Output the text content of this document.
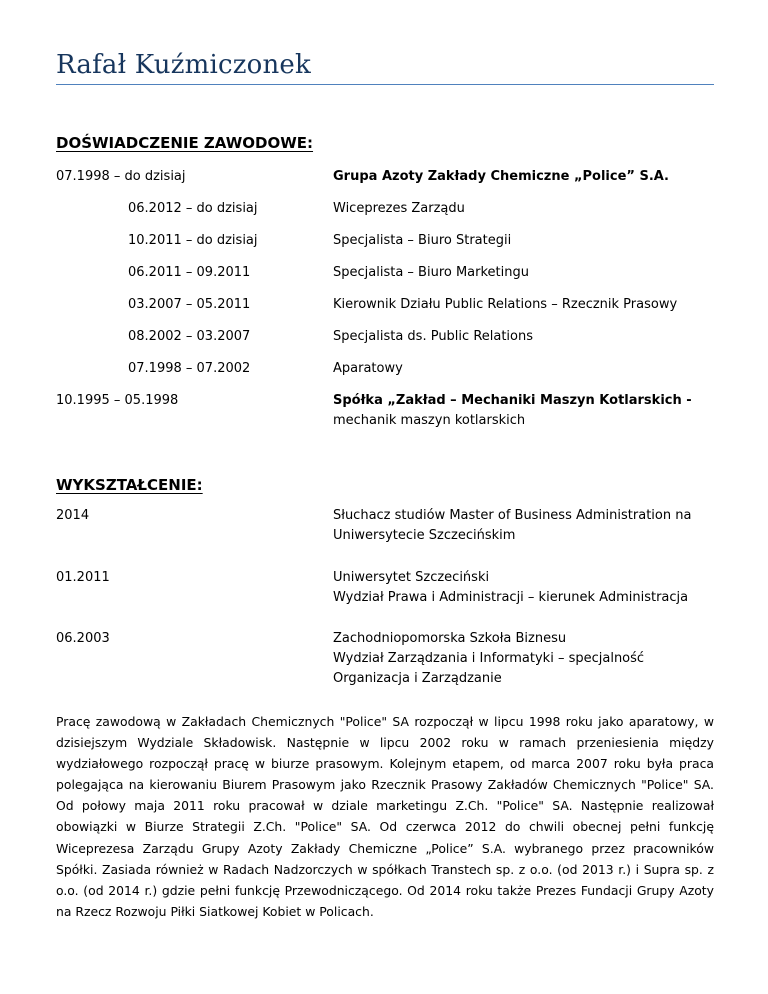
Rafał Kuźmiczonek
DOŚWIADCZENIE ZAWODOWE:
07.1998 – do dzisiaj	Grupa Azoty Zakłady Chemiczne „Police” S.A.
06.2012 – do dzisiaj	Wiceprezes Zarządu
10.2011 – do dzisiaj	Specjalista – Biuro Strategii
06.2011 – 09.2011	Specjalista – Biuro Marketingu
03.2007 – 05.2011	Kierownik Działu Public Relations – Rzecznik Prasowy
08.2002 – 03.2007	Specjalista ds. Public Relations
07.1998 – 07.2002	Aparatowy
10.1995 – 05.1998	Spółka „Zakład – Mechaniki Maszyn Kotlarskich -
mechanik maszyn kotlarskich
WYKSZTAŁCENIE:
2014	Słuchacz studiów Master of Business Administration na
Uniwersytecie Szczecińskim
01.2011	Uniwersytet Szczeciński
Wydział Prawa i Administracji – kierunek Administracja
06.2003	Zachodniopomorska Szkoła Biznesu
Wydział Zarządzania i Informatyki – specjalność
Organizacja i Zarządzanie

Pracę zawodową w Zakładach Chemicznych "Police" SA rozpoczął w lipcu 1998 roku jako aparatowy, w dzisiejszym Wydziale Składowisk. Następnie w lipcu 2002 roku w ramach przeniesienia między wydziałowego rozpoczął pracę w biurze prasowym. Kolejnym etapem, od marca 2007 roku była praca polegająca na kierowaniu Biurem Prasowym jako Rzecznik Prasowy Zakładów Chemicznych "Police" SA. Od połowy maja 2011 roku pracował w dziale marketingu Z.Ch. "Police" SA. Następnie realizował obowiązki w Biurze Strategii Z.Ch. "Police" SA. Od czerwca 2012 do chwili obecnej pełni funkcję Wiceprezesa Zarządu Grupy Azoty Zakłady Chemiczne „Police” S.A. wybranego przez pracowników Spółki. Zasiada również w Radach Nadzorczych w spółkach Transtech sp. z o.o. (od 2013 r.) i Supra sp. z o.o. (od 2014 r.) gdzie pełni funkcję Przewodniczącego. Od 2014 roku także Prezes Fundacji Grupy Azoty na Rzecz Rozwoju Piłki Siatkowej Kobiet w Policach.
